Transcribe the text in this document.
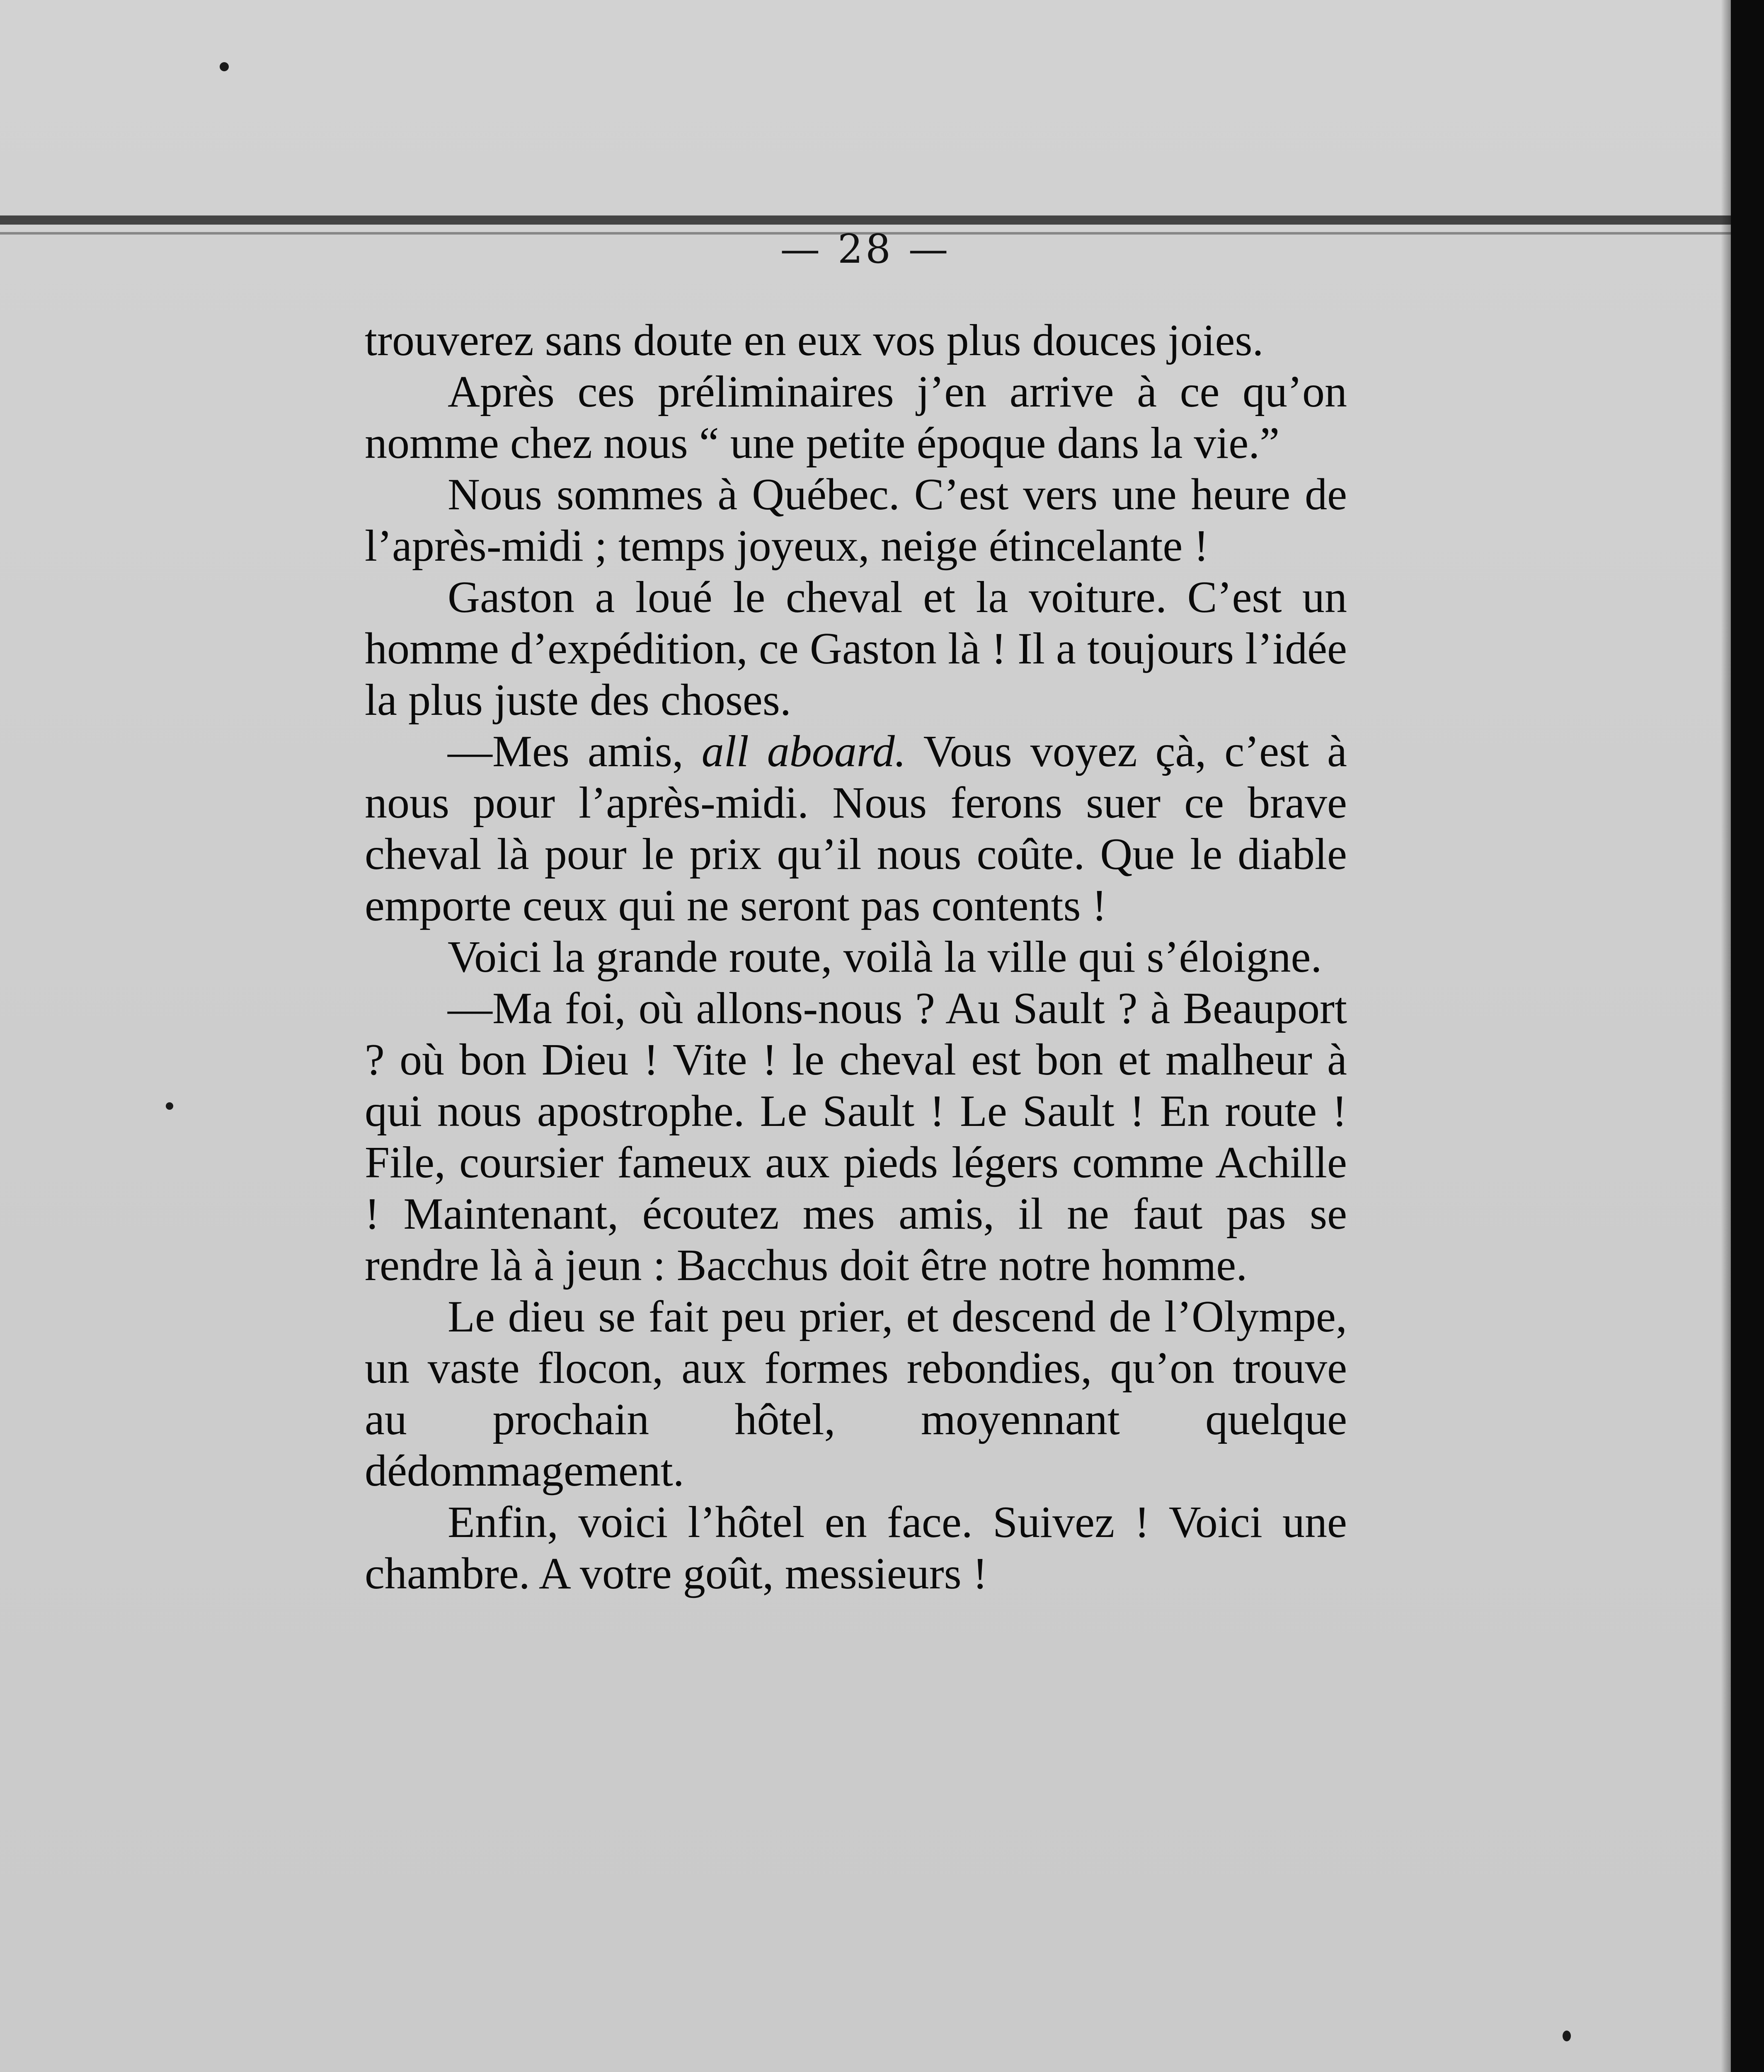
— 28 —

trouverez sans doute en eux vos plus douces joies.

Après ces préliminaires j’en arrive à ce qu’on nomme chez nous “ une petite époque dans la vie.”

Nous sommes à Québec. C’est vers une heure de l’après-midi ; temps joyeux, neige étincelante !

Gaston a loué le cheval et la voiture. C’est un homme d’expédition, ce Gaston là ! Il a toujours l’idée la plus juste des choses.

—Mes amis, all aboard. Vous voyez çà, c’est à nous pour l’après-midi. Nous ferons suer ce brave cheval là pour le prix qu’il nous coûte. Que le diable emporte ceux qui ne seront pas contents !

Voici la grande route, voilà la ville qui s’éloigne.

—Ma foi, où allons-nous ? Au Sault ? à Beauport ? où bon Dieu ! Vite ! le cheval est bon et malheur à qui nous apostrophe. Le Sault ! Le Sault ! En route ! File, coursier fameux aux pieds légers comme Achille ! Maintenant, écoutez mes amis, il ne faut pas se rendre là à jeun : Bacchus doit être notre homme.

Le dieu se fait peu prier, et descend de l’Olympe, un vaste flocon, aux formes rebondies, qu’on trouve au prochain hôtel, moyennant quelque dédommagement.

Enfin, voici l’hôtel en face. Suivez ! Voici une chambre. A votre goût, messieurs !
